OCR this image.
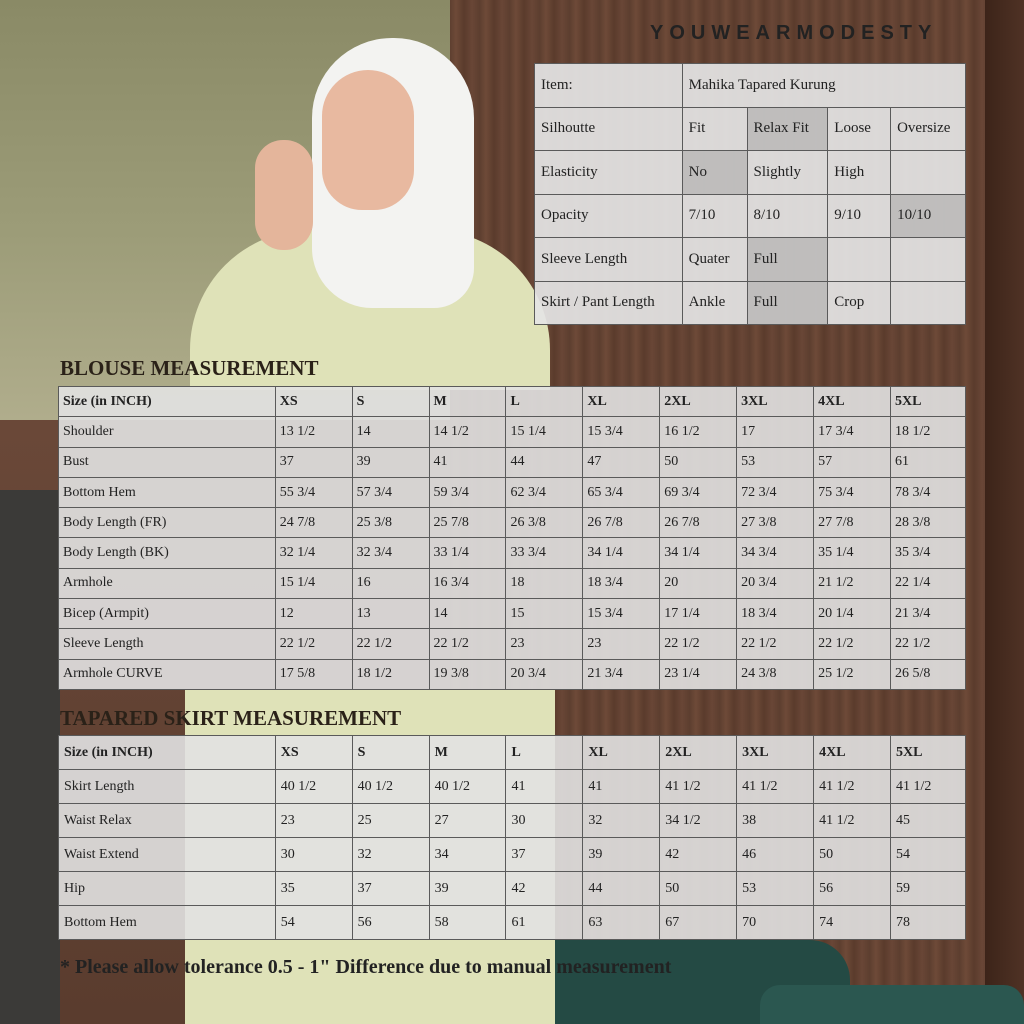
YOUWEARMODESTY
Item:	Mahika Tapared Kurung			
Silhoutte	Fit	Relax Fit	Loose	Oversize
Elasticity	No	Slightly	High	
Opacity	7/10	8/10	9/10	10/10
Sleeve Length	Quater	Full		
Skirt / Pant Length	Ankle	Full	Crop	
BLOUSE MEASUREMENT
Size (in INCH)	XS	S	M	L	XL	2XL	3XL	4XL	5XL
Shoulder	13 1/2	14	14 1/2	15 1/4	15 3/4	16 1/2	17	17 3/4	18 1/2
Bust	37	39	41	44	47	50	53	57	61
Bottom Hem	55 3/4	57 3/4	59 3/4	62 3/4	65 3/4	69 3/4	72 3/4	75 3/4	78 3/4
Body Length (FR)	24 7/8	25 3/8	25 7/8	26 3/8	26 7/8	26 7/8	27 3/8	27 7/8	28 3/8
Body Length (BK)	32 1/4	32 3/4	33 1/4	33 3/4	34 1/4	34 1/4	34 3/4	35 1/4	35 3/4
Armhole	15 1/4	16	16 3/4	18	18 3/4	20	20 3/4	21 1/2	22 1/4
Bicep (Armpit)	12	13	14	15	15 3/4	17 1/4	18 3/4	20 1/4	21 3/4
Sleeve Length	22 1/2	22 1/2	22 1/2	23	23	22 1/2	22 1/2	22 1/2	22 1/2
Armhole CURVE	17 5/8	18 1/2	19 3/8	20 3/4	21 3/4	23 1/4	24 3/8	25 1/2	26 5/8
TAPARED SKIRT MEASUREMENT
Size (in INCH)	XS	S	M	L	XL	2XL	3XL	4XL	5XL
Skirt Length	40 1/2	40 1/2	40 1/2	41	41	41 1/2	41 1/2	41 1/2	41 1/2
Waist Relax	23	25	27	30	32	34 1/2	38	41 1/2	45
Waist Extend	30	32	34	37	39	42	46	50	54
Hip	35	37	39	42	44	50	53	56	59
Bottom Hem	54	56	58	61	63	67	70	74	78
* Please allow tolerance 0.5 - 1" Difference due to manual measurement
